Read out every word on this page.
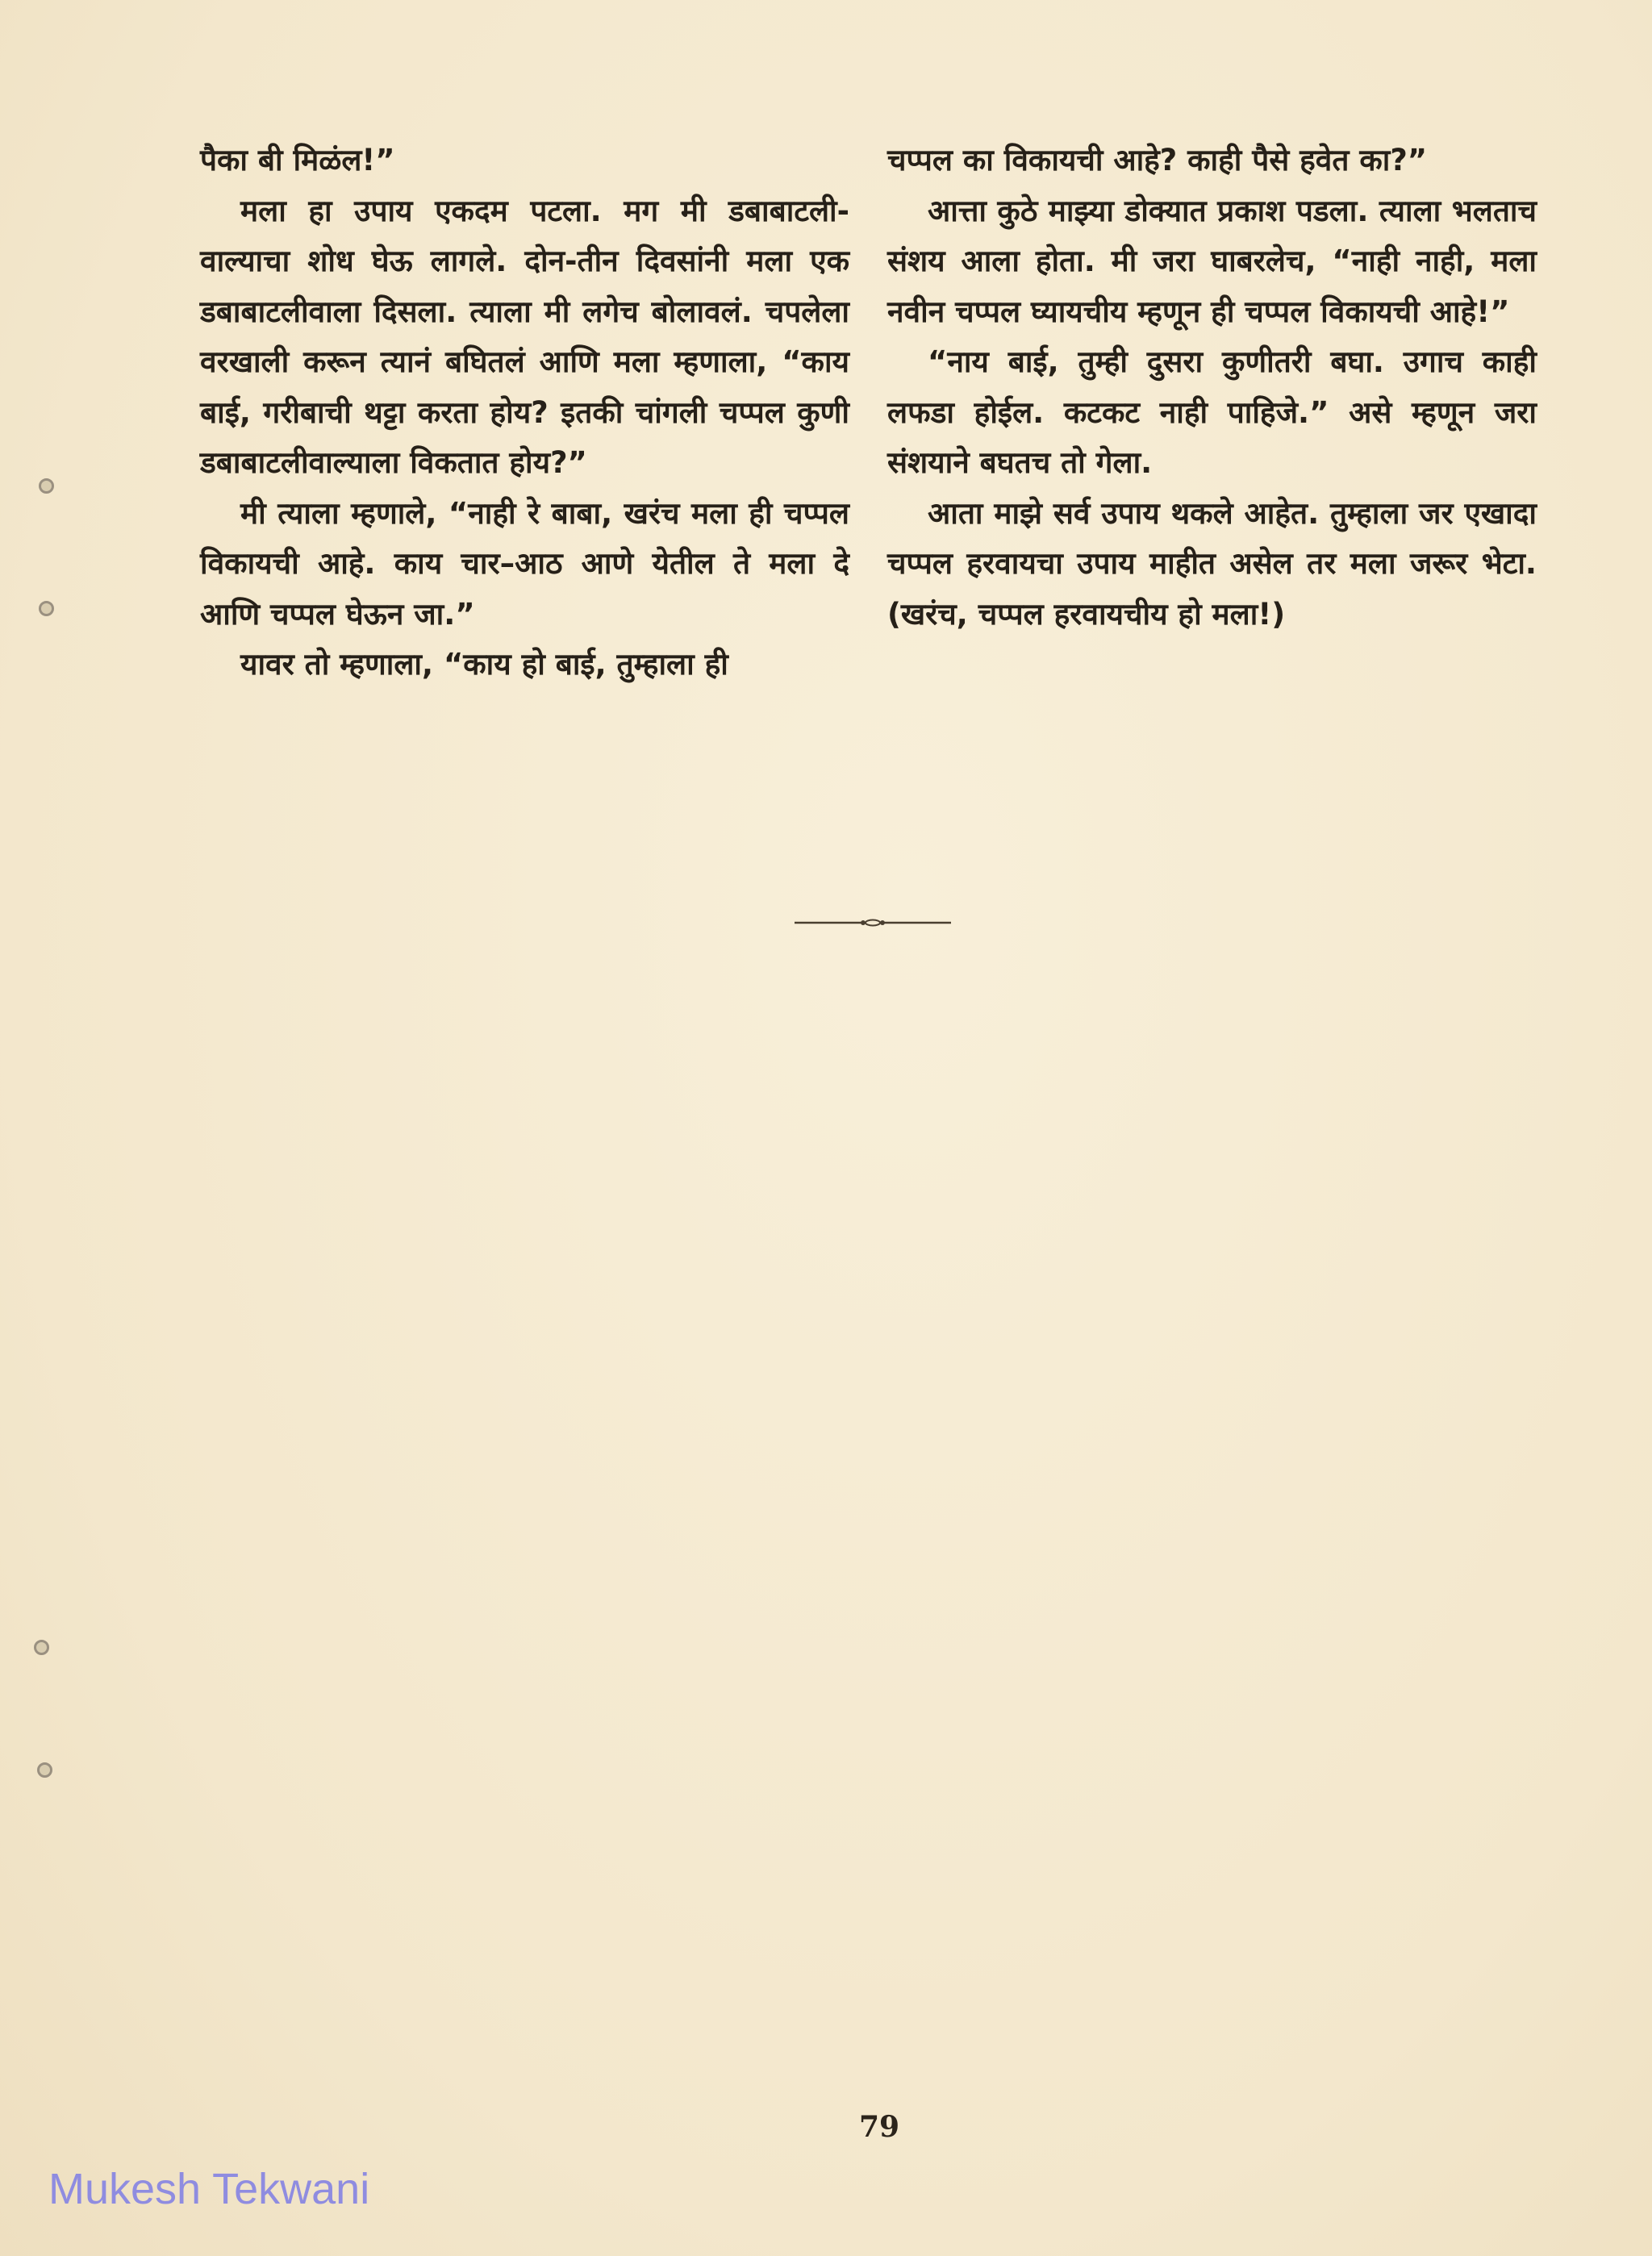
पैका बी मिळंल!”

मला हा उपाय एकदम पटला. मग मी डबाबाटली-वाल्याचा शोध घेऊ लागले. दोन-तीन दिवसांनी मला एक डबाबाटलीवाला दिसला. त्याला मी लगेच बोलावलं. चपलेला वरखाली करून त्यानं बघितलं आणि मला म्हणाला, “काय बाई, गरीबाची थट्टा करता होय? इतकी चांगली चप्पल कुणी डबाबाटलीवाल्याला विकतात होय?”

मी त्याला म्हणाले, “नाही रे बाबा, खरंच मला ही चप्पल विकायची आहे. काय चार–आठ आणे येतील ते मला दे आणि चप्पल घेऊन जा.”

यावर तो म्हणाला, “काय हो बाई, तुम्हाला ही

चप्पल का विकायची आहे? काही पैसे हवेत का?”

आत्ता कुठे माझ्या डोक्यात प्रकाश पडला. त्याला भलताच संशय आला होता. मी जरा घाबरलेच, “नाही नाही, मला नवीन चप्पल घ्यायचीय म्हणून ही चप्पल विकायची आहे!”

“नाय बाई, तुम्ही दुसरा कुणीतरी बघा. उगाच काही लफडा होईल. कटकट नाही पाहिजे.” असे म्हणून जरा संशयाने बघतच तो गेला.

आता माझे सर्व उपाय थकले आहेत. तुम्हाला जर एखादा चप्पल हरवायचा उपाय माहीत असेल तर मला जरूर भेटा. (खरंच, चप्पल हरवायचीय हो मला!)

79
Mukesh Tekwani
